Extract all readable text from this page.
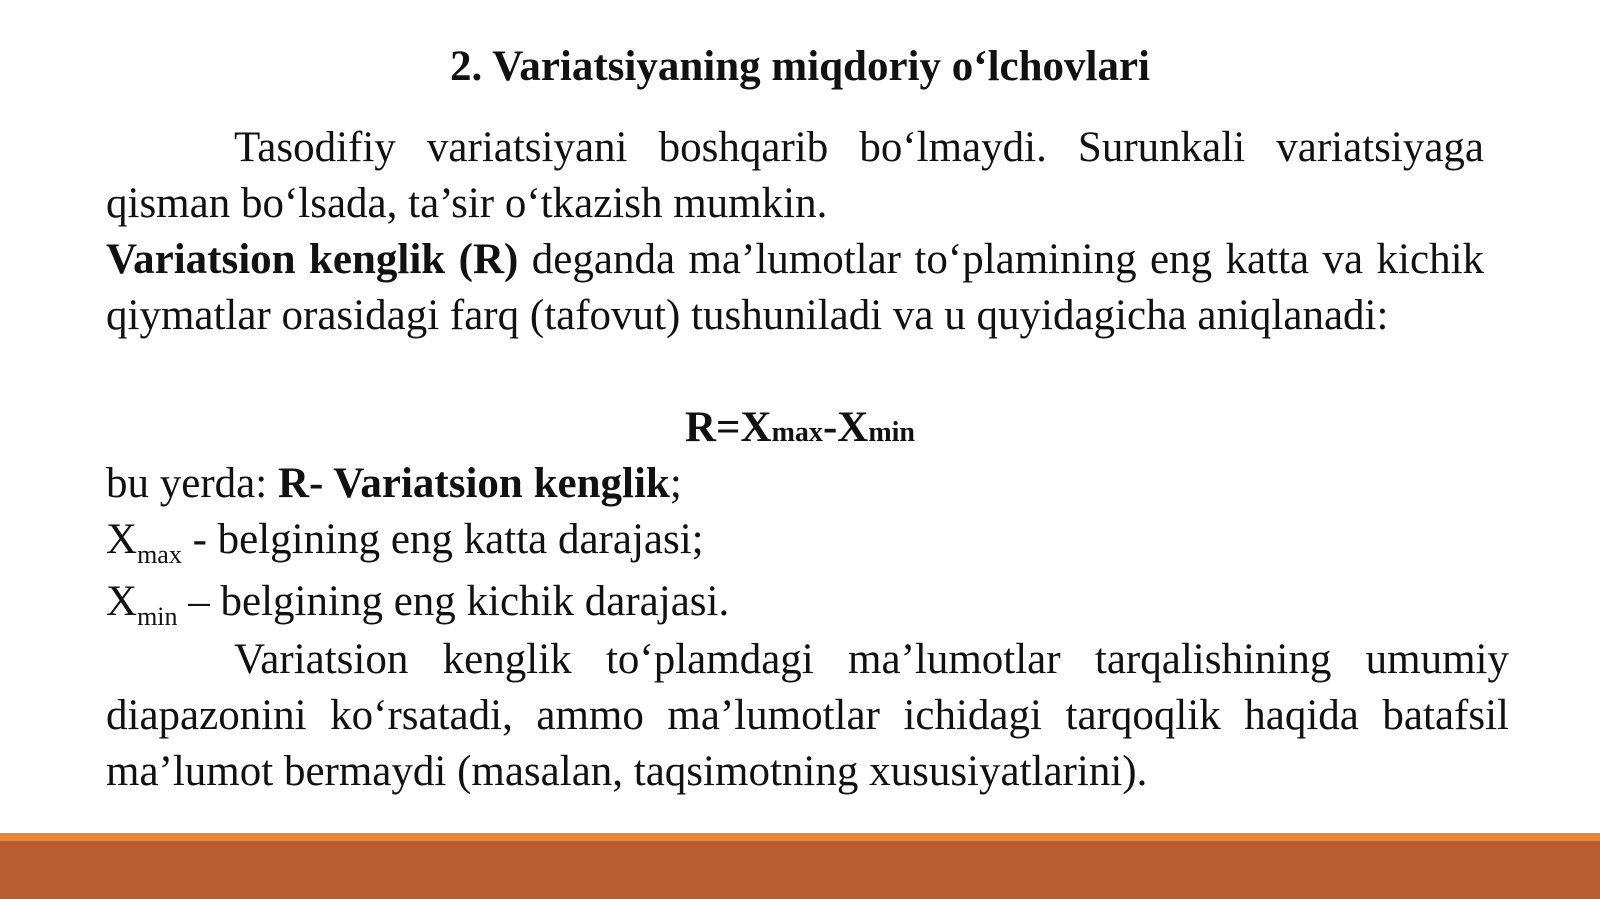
2. Variatsiyaning miqdoriy o‘lchovlari

Tasodifiy variatsiyani boshqarib bo‘lmaydi. Surunkali variatsiyaga qisman bo‘lsada, ta’sir o‘tkazish mumkin.

Variatsion kenglik (R) deganda ma’lumotlar to‘plamining eng katta va kichik qiymatlar orasidagi farq (tafovut) tushuniladi va u quyidagicha aniqlanadi:

R=Xmax-Xmin

bu yerda: R- Variatsion kenglik;

$X_{max}$ - belgining eng katta darajasi;

$X_{min}$ – belgining eng kichik darajasi.

Variatsion kenglik to‘plamdagi ma’lumotlar tarqalishining umumiy diapazonini ko‘rsatadi, ammo ma’lumotlar ichidagi tarqoqlik haqida batafsil ma’lumot bermaydi (masalan, taqsimotning xususiyatlarini).
